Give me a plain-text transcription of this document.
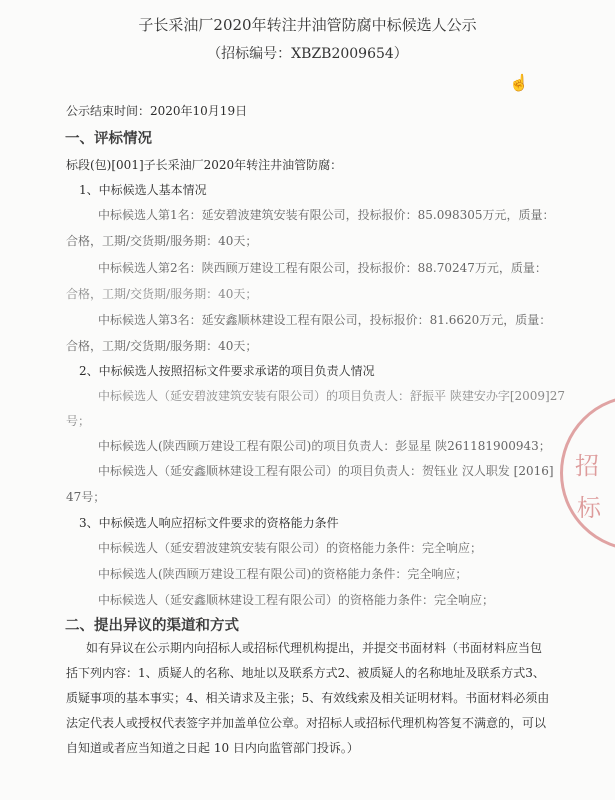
子长采油厂2020年转注井油管防腐中标候选人公示
（招标编号：XBZB2009654）
☝
公示结束时间：2020年10月19日
一、评标情况
标段(包)[001]子长采油厂2020年转注井油管防腐：
1、中标候选人基本情况
中标候选人第1名：延安碧波建筑安装有限公司，投标报价：85.098305万元，质量：
合格，工期/交货期/服务期：40天；
中标候选人第2名：陕西顾万建设工程有限公司，投标报价：88.70247万元，质量：
合格，工期/交货期/服务期：40天；
中标候选人第3名：延安鑫顺林建设工程有限公司，投标报价：81.6620万元，质量：
合格，工期/交货期/服务期：40天；
2、中标候选人按照招标文件要求承诺的项目负责人情况
中标候选人（延安碧波建筑安装有限公司）的项目负责人：舒振平 陕建安办字[2009]27
号；
中标候选人(陕西顾万建设工程有限公司)的项目负责人：彭显星 陕261181900943；
中标候选人（延安鑫顺林建设工程有限公司）的项目负责人：贺钰业 汉人职发 [2016]
47号；
3、中标候选人响应招标文件要求的资格能力条件
中标候选人（延安碧波建筑安装有限公司）的资格能力条件：完全响应；
中标候选人(陕西顾万建设工程有限公司)的资格能力条件：完全响应；
中标候选人（延安鑫顺林建设工程有限公司）的资格能力条件：完全响应；
二、提出异议的渠道和方式
如有异议在公示期内向招标人或招标代理机构提出，并提交书面材料（书面材料应当包
括下列内容：1、质疑人的名称、地址以及联系方式2、被质疑人的名称地址及联系方式3、
质疑事项的基本事实；4、相关请求及主张；5、有效线索及相关证明材料。书面材料必须由
法定代表人或授权代表签字并加盖单位公章。对招标人或招标代理机构答复不满意的，可以
自知道或者应当知道之日起 10 日内向监管部门投诉。）
招
标
